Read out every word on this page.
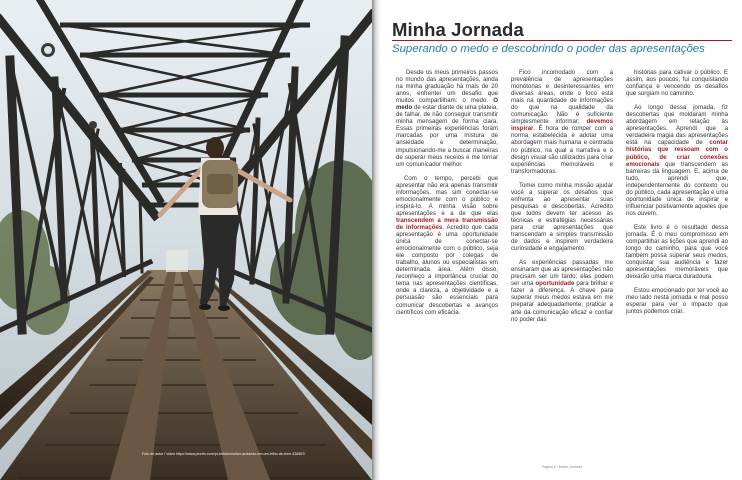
Foto de autor / vídeo https://www.pexels.com/pt-br/foto/mulher-andando-em-um-trilho-de-trem-436567/
Minha Jornada
Superando o medo e descobrindo o poder das apresentações

Desde os meus primeiros passos no mundo das apresentações, ainda na minha graduação há mais de 20 anos, enfrentei um desafio que muitos compartilham: o medo. O medo de estar diante de uma plateia, de falhar, de não conseguir transmitir minha mensagem de forma clara. Essas primeiras experiências foram marcadas por uma mistura de ansiedade e determinação, impulsionando-me a buscar maneiras de superar meus receios e me tornar um comunicador melhor.

Com o tempo, percebi que apresentar não era apenas transmitir informações, mas sim conectar-se emocionalmente com o público e inspirá-lo. A minha visão sobre apresentações e a de que elas transcendem a mera transmissão de informações. Acredito que cada apresentação é uma oportunidade única de conectar-se emocionalmente com o público, seja ele composto por colegas de trabalho, alunos ou especialistas em determinada área. Além disso, reconheço a importância crucial do tema nas apresentações científicas, onde a clareza, a objetividade e a persuasão são essenciais para comunicar descobertas e avanços científicos com eficácia.

Fico incomodado com a prevalência de apresentações monótonas e desinteressantes em diversas áreas, onde o foco está mais na quantidade de informações do que na qualidade da comunicação. Não é suficiente simplesmente informar; devemos inspirar. É hora de romper com a norma estabelecida e adotar uma abordagem mais humana e centrada no público, na qual a narrativa e o design visual são utilizados para criar experiências memoráveis e transformadoras.

Tomei como minha missão ajudar você a superar os desafios que enfrenta ao apresentar suas pesquisas e descobertas. Acredito que todos devem ter acesso às técnicas e estratégias necessárias para criar apresentações que transcendam a simples transmissão de dados e inspirem verdadeira curiosidade e engajamento.

As experiências passadas me ensinaram que as apresentações não precisam ser um fardo; elas podem ser uma oportunidade para brilhar e fazer a diferença. A chave para superar meus medos estava em me preparar adequadamente, praticar a arte da comunicação eficaz e confiar no poder das

histórias para cativar o público. E assim, aos poucos, fui conquistando confiança e vencendo os desafios que surgiam no caminho.

Ao longo dessa jornada, fiz descobertas que moldaram minha abordagem em relação às apresentações. Aprendi que a verdadeira magia das apresentações está na capacidade de contar histórias que ressoam com o público, de criar conexões emocionais que transcendem as barreiras da linguagem. E, acima de tudo, aprendi que, independentemente do contexto ou do público, cada apresentação é uma oportunidade única de inspirar e influenciar positivamente aqueles que nos ouvem.

Este livro é o resultado dessa jornada. É o meu compromisso em compartilhar as lições que aprendi ao longo do caminho, para que você também possa superar seus medos, conquistar sua audiência e fazer apresentações memoráveis que deixarão uma marca duradoura.

Estou emocionado por ter você ao meu lado nesta jornada e mal posso esperar para ver o impacto que juntos podemos criar.

Página 6 · Minha Jornada
